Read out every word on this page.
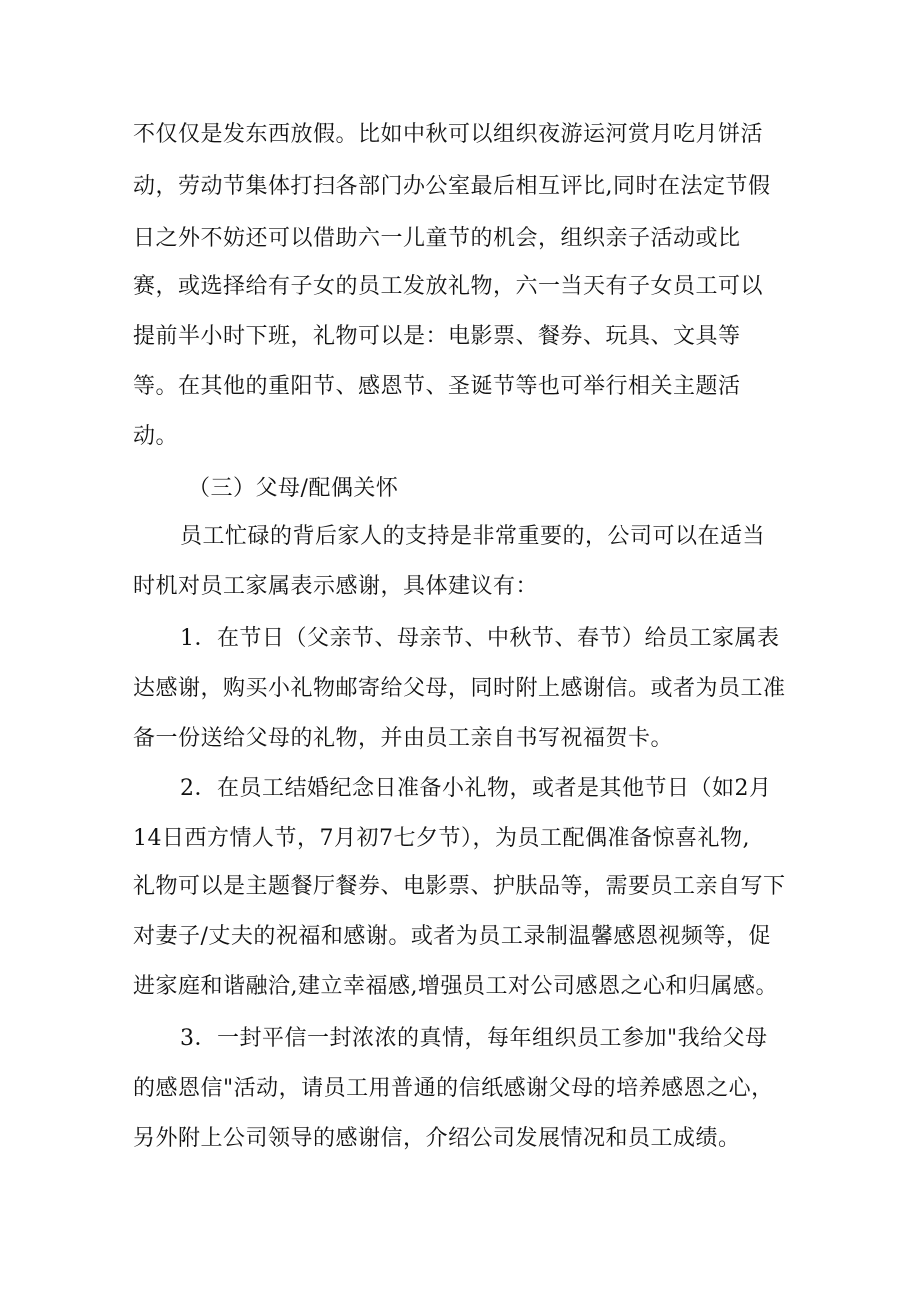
不仅仅是发东西放假。比如中秋可以组织夜游运河赏月吃月饼活
动，劳动节集体打扫各部门办公室最后相互评比,同时在法定节假
日之外不妨还可以借助六一儿童节的机会，组织亲子活动或比
赛，或选择给有子女的员工发放礼物，六一当天有子女员工可以
提前半小时下班，礼物可以是：电影票、餐券、玩具、文具等
等。在其他的重阳节、感恩节、圣诞节等也可举行相关主题活
动。
（三）父母/配偶关怀
员工忙碌的背后家人的支持是非常重要的，公司可以在适当
时机对员工家属表示感谢，具体建议有：
1．在节日（父亲节、母亲节、中秋节、春节）给员工家属表
达感谢，购买小礼物邮寄给父母，同时附上感谢信。或者为员工准
备一份送给父母的礼物，并由员工亲自书写祝福贺卡。
2．在员工结婚纪念日准备小礼物，或者是其他节日（如2月
14日西方情人节，7月初7七夕节），为员工配偶准备惊喜礼物,
礼物可以是主题餐厅餐券、电影票、护肤品等，需要员工亲自写下
对妻子/丈夫的祝福和感谢。或者为员工录制温馨感恩视频等，促
进家庭和谐融洽,建立幸福感,增强员工对公司感恩之心和归属感。
3．一封平信一封浓浓的真情，每年组织员工参加"我给父母
的感恩信"活动，请员工用普通的信纸感谢父母的培养感恩之心，
另外附上公司领导的感谢信，介绍公司发展情况和员工成绩。
